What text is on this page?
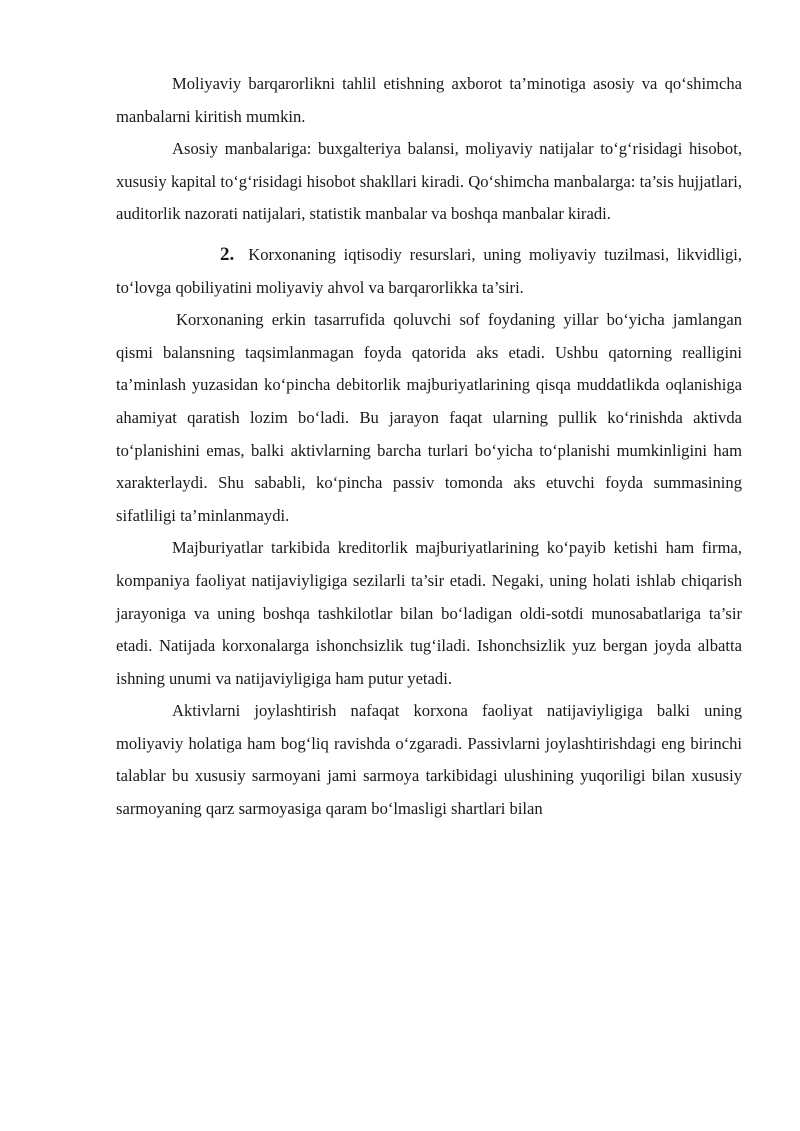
Moliyaviy barqarorlikni tahlil etishning axborot ta’minotiga asosiy va qo‘shimcha manbalarni kiritish mumkin.

Asosiy manbalariga: buxgalteriya balansi, moliyaviy natijalar to‘g‘risidagi hisobot, xususiy kapital to‘g‘risidagi hisobot shakllari kiradi. Qo‘shimcha manbalarga: ta’sis hujjatlari, auditorlik nazorati natijalari, statistik manbalar va boshqa manbalar kiradi.

2. Korxonaning iqtisodiy resurslari, uning moliyaviy tuzilmasi, likvidligi, to‘lovga qobiliyatini moliyaviy ahvol va barqarorlikka ta’siri.

Korxonaning erkin tasarrufida qoluvchi sof foydaning yillar bo‘yicha jamlangan qismi balansning taqsimlanmagan foyda qatorida aks etadi. Ushbu qatorning realligini ta’minlash yuzasidan ko‘pincha debitorlik majburiyatlarining qisqa muddatlikda oqlanishiga ahamiyat qaratish lozim bo‘ladi. Bu jarayon faqat ularning pullik ko‘rinishda aktivda to‘planishini emas, balki aktivlarning barcha turlari bo‘yicha to‘planishi mumkinligini ham xarakterlaydi. Shu sababli, ko‘pincha passiv tomonda aks etuvchi foyda summasining sifatliligi ta’minlanmaydi.

Majburiyatlar tarkibida kreditorlik majburiyatlarining ko‘payib ketishi ham firma, kompaniya faoliyat natijaviyligiga sezilarli ta’sir etadi. Negaki, uning holati ishlab chiqarish jarayoniga va uning boshqa tashkilotlar bilan bo‘ladigan oldi-sotdi munosabatlariga ta’sir etadi. Natijada korxonalarga ishonchsizlik tug‘iladi. Ishonchsizlik yuz bergan joyda albatta ishning unumi va natijaviyligiga ham putur yetadi.

Aktivlarni joylashtirish nafaqat korxona faoliyat natijaviyligiga balki uning moliyaviy holatiga ham bog‘liq ravishda o‘zgaradi. Passivlarni joylashtirishdagi eng birinchi talablar bu xususiy sarmoyani jami sarmoya tarkibidagi ulushining yuqoriligi bilan xususiy sarmoyaning qarz sarmoyasiga qaram bo‘lmasligi shartlari bilan
